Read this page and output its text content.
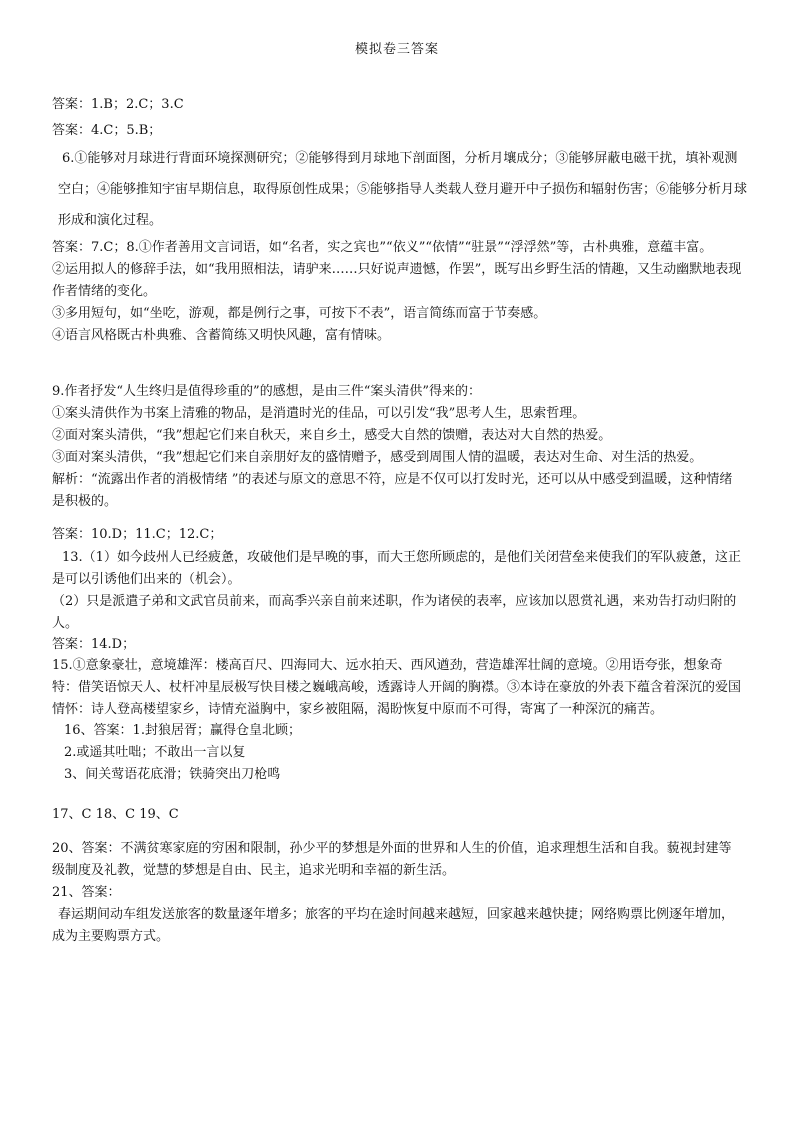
模拟卷三答案
答案：1.B；2.C；3.C
答案：4.C；5.B；
6.①能够对月球进行背面环境探测研究；②能够得到月球地下剖面图，分析月壤成分；③能够屏蔽电磁干扰，填补观测空白；④能够推知宇宙早期信息，取得原创性成果；⑤能够指导人类载人登月避开中子损伤和辐射伤害；⑥能够分析月球形成和演化过程。
答案：7.C；8.①作者善用文言词语，如“名者，实之宾也”“依义”“依情”“驻景”“浮浮然”等，古朴典雅，意蕴丰富。
②运用拟人的修辞手法，如“我用照相法，请驴来……只好说声遗憾，作罢”，既写出乡野生活的情趣，又生动幽默地表现作者情绪的变化。
③多用短句，如“坐吃，游观，都是例行之事，可按下不表”，语言简练而富于节奏感。
④语言风格既古朴典雅、含蓄简练又明快风趣，富有情味。
9.作者抒发“人生终归是值得珍重的”的感想，是由三件“案头清供”得来的：
①案头清供作为书案上清雅的物品，是消遣时光的佳品，可以引发“我”思考人生，思索哲理。
②面对案头清供，“我”想起它们来自秋天，来自乡土，感受大自然的馈赠，表达对大自然的热爱。
③面对案头清供，“我”想起它们来自亲朋好友的盛情赠予，感受到周围人情的温暖，表达对生命、对生活的热爱。
解析：“流露出作者的消极情绪 ”的表述与原文的意思不符，应是不仅可以打发时光，还可以从中感受到温暖，这种情绪是积极的。
答案：10.D；11.C；12.C；
13.（1）如今歧州人已经疲惫，攻破他们是早晚的事，而大王您所顾虑的，是他们关闭营垒来使我们的军队疲惫，这正是可以引诱他们出来的（机会）。
（2）只是派遣子弟和文武官员前来，而高季兴亲自前来述职，作为诸侯的表率，应该加以恩赏礼遇，来劝告打动归附的人。
答案：14.D；
15.①意象豪壮，意境雄浑：楼高百尺、四海同大、远水拍天、西风遒劲，营造雄浑壮阔的意境。②用语夸张，想象奇特：借笑语惊天人、杖杆冲星辰极写快目楼之巍峨高峻，透露诗人开阔的胸襟。③本诗在豪放的外表下蕴含着深沉的爱国情怀：诗人登高楼望家乡，诗情充溢胸中，家乡被阻隔，渴盼恢复中原而不可得，寄寓了一种深沉的痛苦。
16、答案：1.封狼居胥；赢得仓皇北顾；
2.或遥其吐咄；不敢出一言以复
3、间关莺语花底滑；铁骑突出刀枪鸣
17、C 18、C 19、C
20、答案：不满贫寒家庭的穷困和限制，孙少平的梦想是外面的世界和人生的价值，追求理想生活和自我。藐视封建等级制度及礼教，觉慧的梦想是自由、民主，追求光明和幸福的新生活。
21、答案：
春运期间动车组发送旅客的数量逐年增多；旅客的平均在途时间越来越短，回家越来越快捷；网络购票比例逐年增加，成为主要购票方式。
